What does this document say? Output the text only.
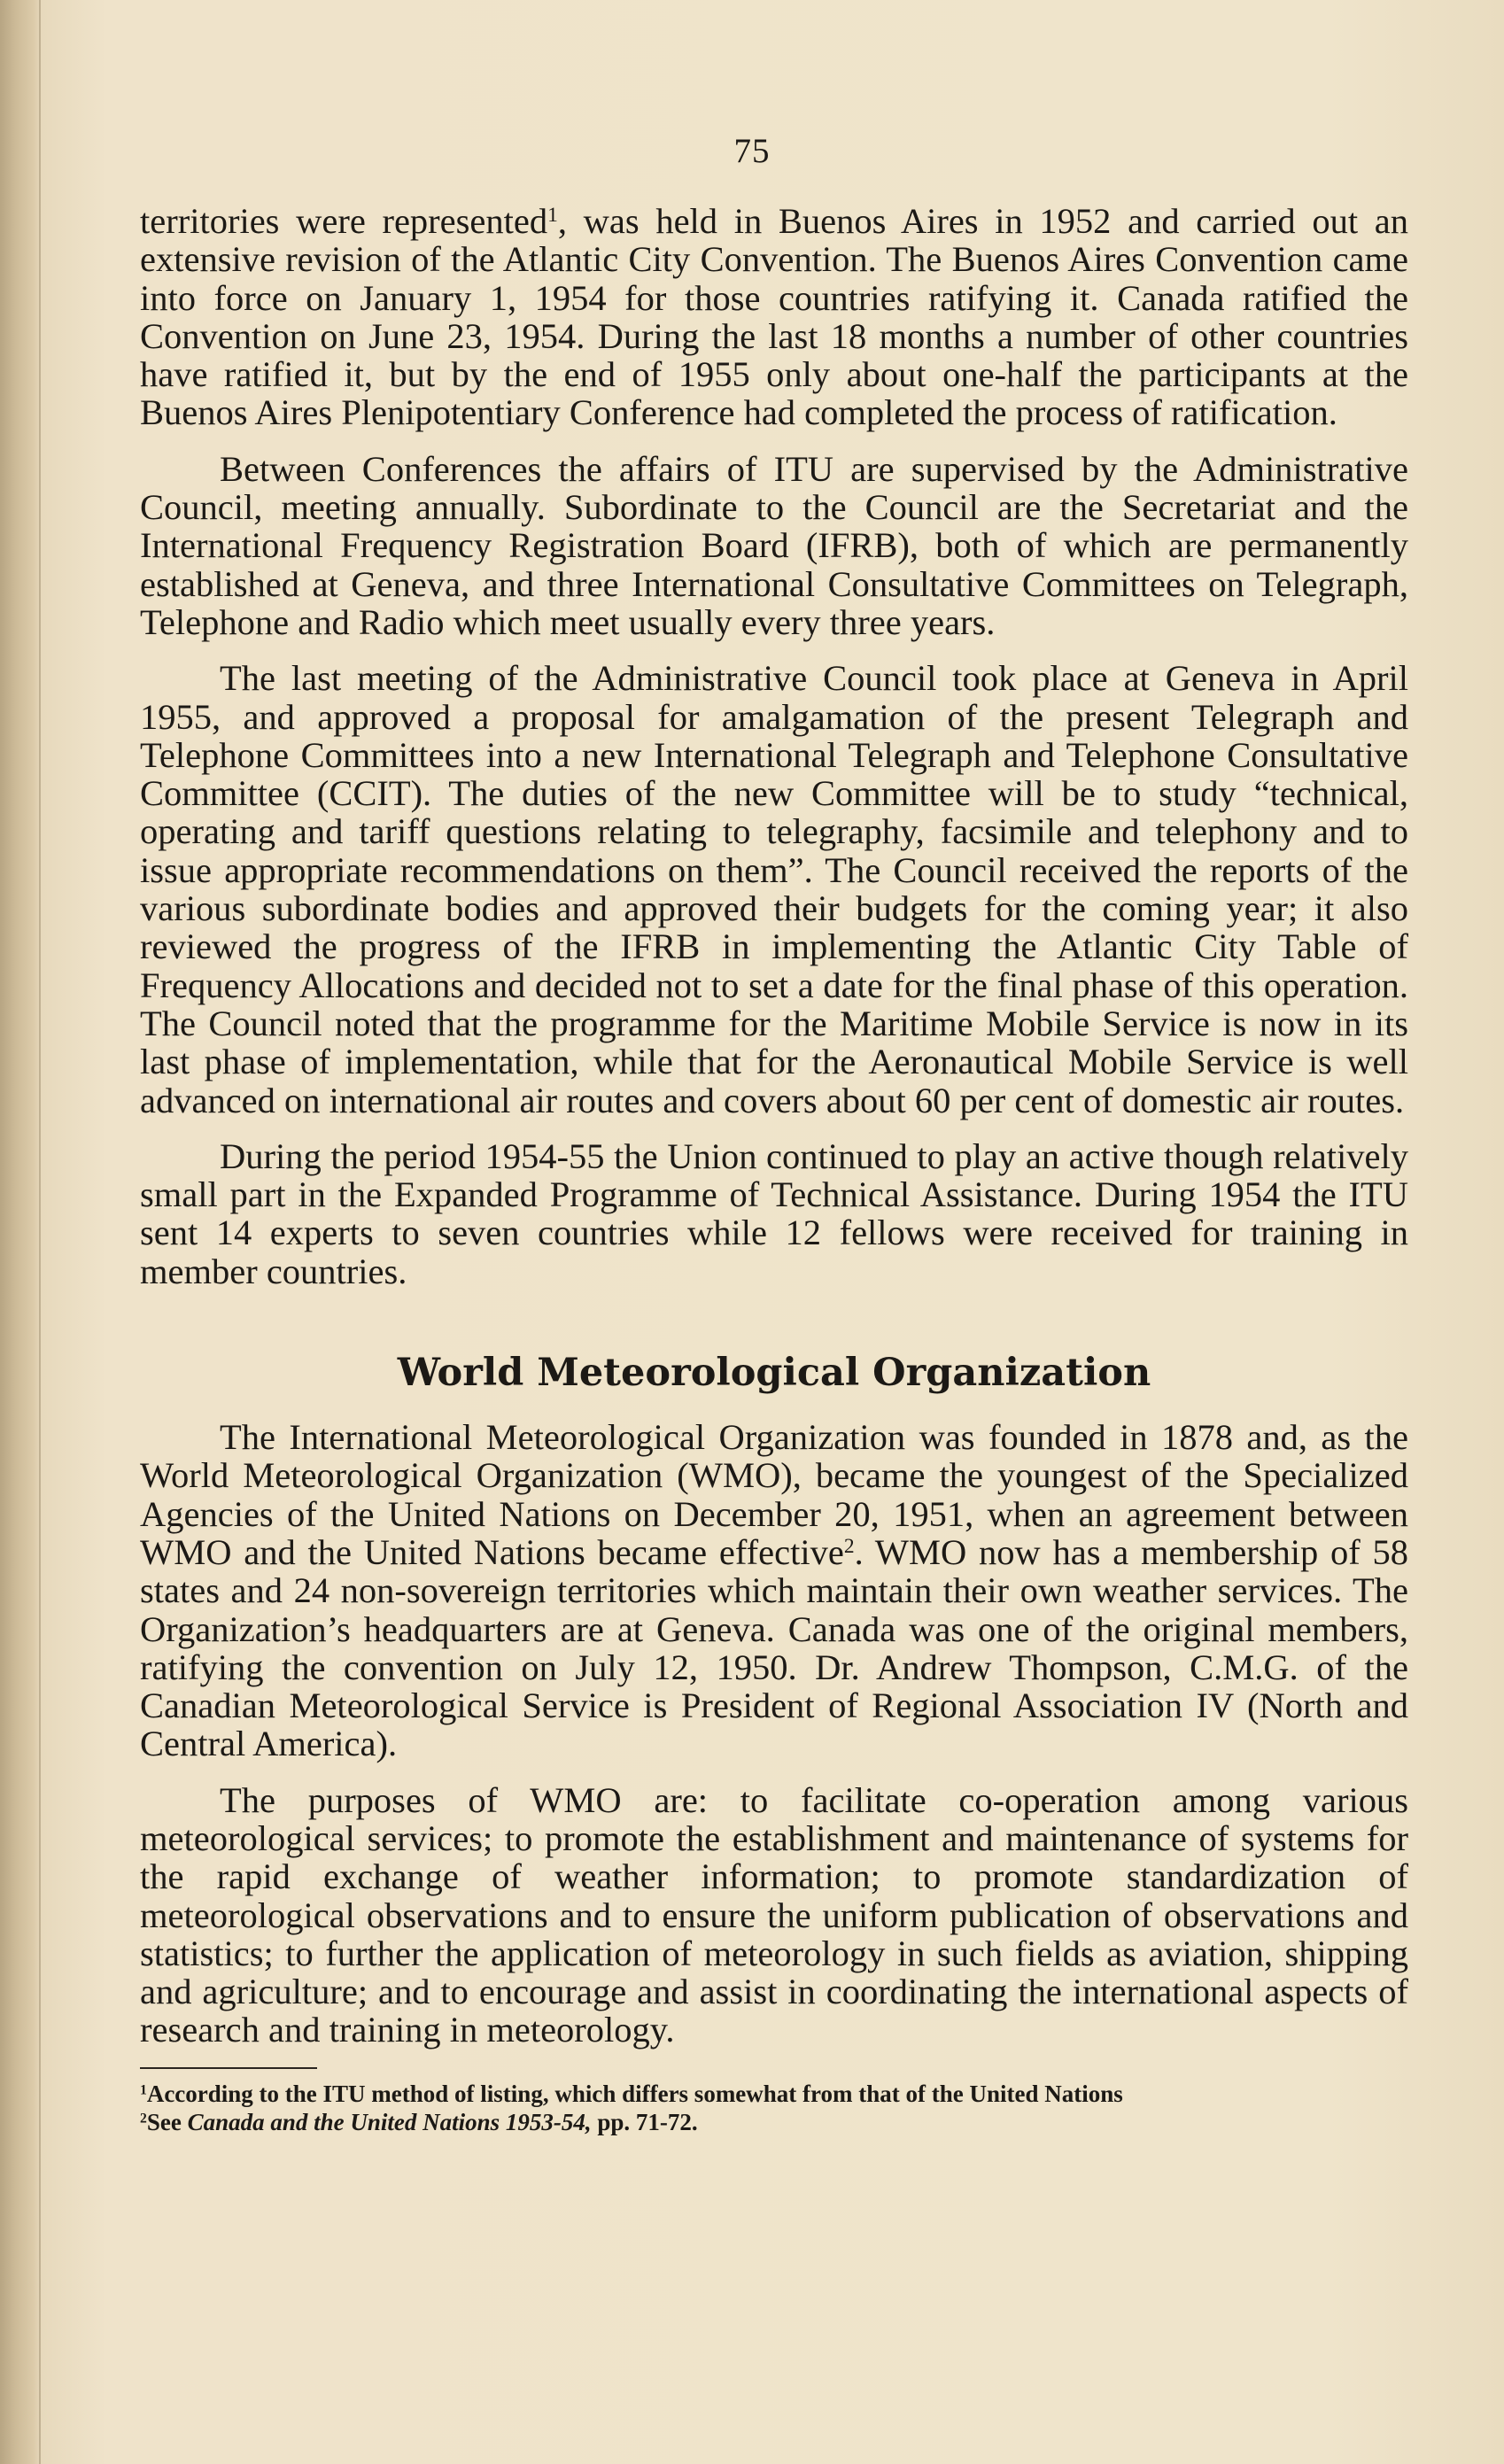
75

territories were represented$^1$, was held in Buenos Aires in 1952 and carried out an extensive revision of the Atlantic City Convention. The Buenos Aires Convention came into force on January 1, 1954 for those countries ratifying it. Canada ratified the Convention on June 23, 1954. During the last 18 months a number of other countries have ratified it, but by the end of 1955 only about one-half the participants at the Buenos Aires Plenipotentiary Conference had completed the process of ratification.

Between Conferences the affairs of ITU are supervised by the Administrative Council, meeting annually. Subordinate to the Council are the Secretariat and the International Frequency Registration Board (IFRB), both of which are permanently established at Geneva, and three International Consultative Committees on Telegraph, Telephone and Radio which meet usually every three years.

The last meeting of the Administrative Council took place at Geneva in April 1955, and approved a proposal for amalgamation of the present Telegraph and Telephone Committees into a new International Telegraph and Telephone Consultative Committee (CCIT). The duties of the new Committee will be to study “technical, operating and tariff questions relating to telegraphy, facsimile and telephony and to issue appropriate recommendations on them”. The Council received the reports of the various subordinate bodies and approved their budgets for the coming year; it also reviewed the progress of the IFRB in implementing the Atlantic City Table of Frequency Allocations and decided not to set a date for the final phase of this operation. The Council noted that the programme for the Maritime Mobile Service is now in its last phase of implementation, while that for the Aeronautical Mobile Service is well advanced on international air routes and covers about 60 per cent of domestic air routes.

During the period 1954-55 the Union continued to play an active though relatively small part in the Expanded Programme of Technical Assistance. During 1954 the ITU sent 14 experts to seven countries while 12 fellows were received for training in member countries.

World Meteorological Organization

The International Meteorological Organization was founded in 1878 and, as the World Meteorological Organization (WMO), became the youngest of the Specialized Agencies of the United Nations on December 20, 1951, when an agreement between WMO and the United Nations became effective$^2$. WMO now has a membership of 58 states and 24 non-sovereign territories which maintain their own weather services. The Organization’s headquarters are at Geneva. Canada was one of the original members, ratifying the convention on July 12, 1950. Dr. Andrew Thompson, C.M.G. of the Canadian Meteorological Service is President of Regional Association IV (North and Central America).

The purposes of WMO are: to facilitate co-operation among various meteorological services; to promote the establishment and maintenance of systems for the rapid exchange of weather information; to promote standardization of meteorological observations and to ensure the uniform publication of observations and statistics; to further the application of meteorology in such fields as aviation, shipping and agriculture; and to encourage and assist in coordinating the international aspects of research and training in meteorology.

$^1$According to the ITU method of listing, which differs somewhat from that of the United Nations

$^2$See Canada and the United Nations 1953-54, pp. 71-72.
